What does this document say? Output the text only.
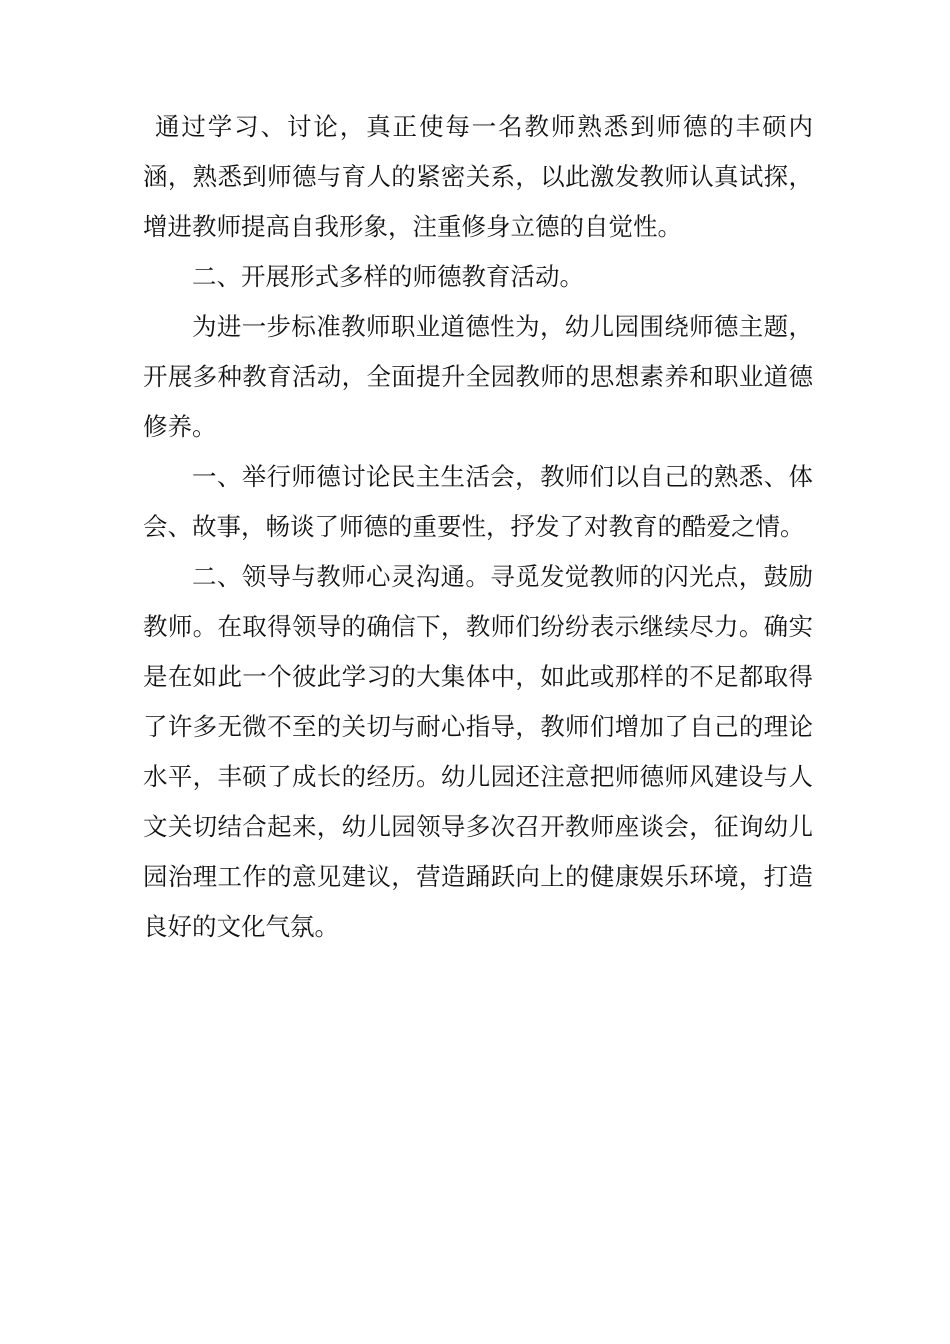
通过学习、讨论，真正使每一名教师熟悉到师德的丰硕内涵，熟悉到师德与育人的紧密关系，以此激发教师认真试探，增进教师提高自我形象，注重修身立德的自觉性。

二、开展形式多样的师德教育活动。

为进一步标准教师职业道德性为，幼儿园围绕师德主题，开展多种教育活动，全面提升全园教师的思想素养和职业道德修养。

一、举行师德讨论民主生活会，教师们以自己的熟悉、体会、故事，畅谈了师德的重要性，抒发了对教育的酷爱之情。

二、领导与教师心灵沟通。寻觅发觉教师的闪光点，鼓励教师。在取得领导的确信下，教师们纷纷表示继续尽力。确实是在如此一个彼此学习的大集体中，如此或那样的不足都取得了许多无微不至的关切与耐心指导，教师们增加了自己的理论水平，丰硕了成长的经历。幼儿园还注意把师德师风建设与人文关切结合起来，幼儿园领导多次召开教师座谈会，征询幼儿园治理工作的意见建议，营造踊跃向上的健康娱乐环境，打造良好的文化气氛。
